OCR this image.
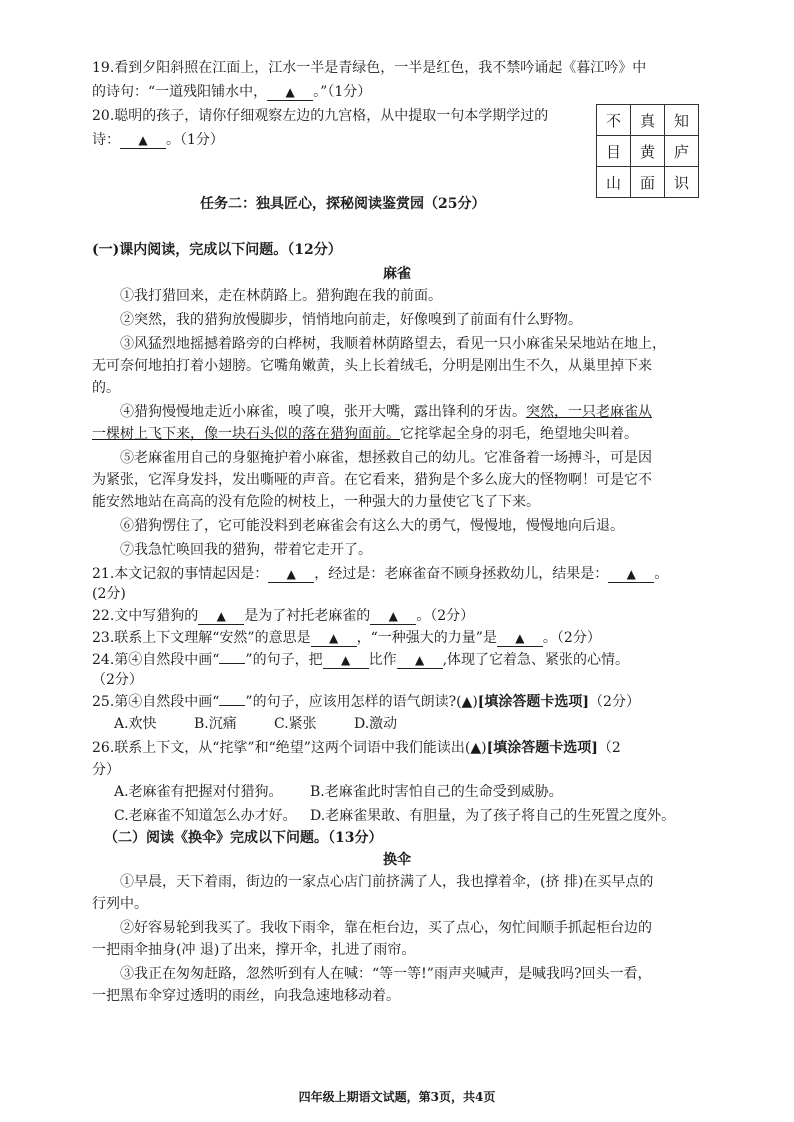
19.看到夕阳斜照在江面上，江水一半是青绿色，一半是红色，我不禁吟诵起《暮江吟》中
的诗句：“一道残阳铺水中， ▲ 。”（1分）
20.聪明的孩子，请你仔细观察左边的九宫格，从中提取一句本学期学过的
诗： ▲ 。（1分）
不	真	知
目	黄	庐
山	面	识
任务二：独具匠心，探秘阅读鉴赏园（25分）
(一)课内阅读，完成以下问题。（12分）
麻雀
①我打猎回来，走在林荫路上。猎狗跑在我的前面。
②突然，我的猎狗放慢脚步，悄悄地向前走，好像嗅到了前面有什么野物。
③风猛烈地摇撼着路旁的白桦树，我顺着林荫路望去，看见一只小麻雀呆呆地站在地上，
无可奈何地拍打着小翅膀。它嘴角嫩黄，头上长着绒毛，分明是刚出生不久，从巢里掉下来
的。
④猎狗慢慢地走近小麻雀，嗅了嗅，张开大嘴，露出锋利的牙齿。突然，一只老麻雀从
一棵树上飞下来，像一块石头似的落在猎狗面前。它挓挲起全身的羽毛，绝望地尖叫着。
⑤老麻雀用自己的身躯掩护着小麻雀，想拯救自己的幼儿。它准备着一场搏斗，可是因
为紧张，它浑身发抖，发出嘶哑的声音。在它看来，猎狗是个多么庞大的怪物啊！可是它不
能安然地站在高高的没有危险的树枝上，一种强大的力量使它飞了下来。
⑥猎狗愣住了，它可能没料到老麻雀会有这么大的勇气，慢慢地，慢慢地向后退。
⑦我急忙唤回我的猎狗，带着它走开了。
21.本文记叙的事情起因是： ▲ ，经过是：老麻雀奋不顾身拯救幼儿，结果是： ▲ 。
(2分)
22.文中写猎狗的 ▲ 是为了衬托老麻雀的 ▲ 。（2分）
23.联系上下文理解“安然”的意思是 ▲ ，“一种强大的力量”是 ▲ 。（2分）
24.第④自然段中画“ ”的句子，把 ▲ 比作 ▲ ,体现了它着急、紧张的心情。
（2分）
25.第④自然段中画“ ”的句子，应该用怎样的语气朗读?(▲)[填涂答题卡选项]（2分）
A.欢快	B.沉痛	C.紧张	D.激动
26.联系上下文，从“挓挲”和“绝望”这两个词语中我们能读出(▲)[填涂答题卡选项]（2
分）
A.老麻雀有把握对付猎狗。 B.老麻雀此时害怕自己的生命受到威胁。
C.老麻雀不知道怎么办才好。 D.老麻雀果敢、有胆量，为了孩子将自己的生死置之度外。
（二）阅读《换伞》完成以下问题。（13分）
换伞
①早晨，天下着雨，街边的一家点心店门前挤满了人，我也撑着伞，(挤 排)在买早点的
行列中。
②好容易轮到我买了。我收下雨伞，靠在柜台边，买了点心，匆忙间顺手抓起柜台边的
一把雨伞抽身(冲 退)了出来，撑开伞，扎进了雨帘。
③我正在匆匆赶路，忽然听到有人在喊：“等一等!”雨声夹喊声，是喊我吗?回头一看，
一把黑布伞穿过透明的雨丝，向我急速地移动着。
四年级上期语文试题，第3页，共4页
